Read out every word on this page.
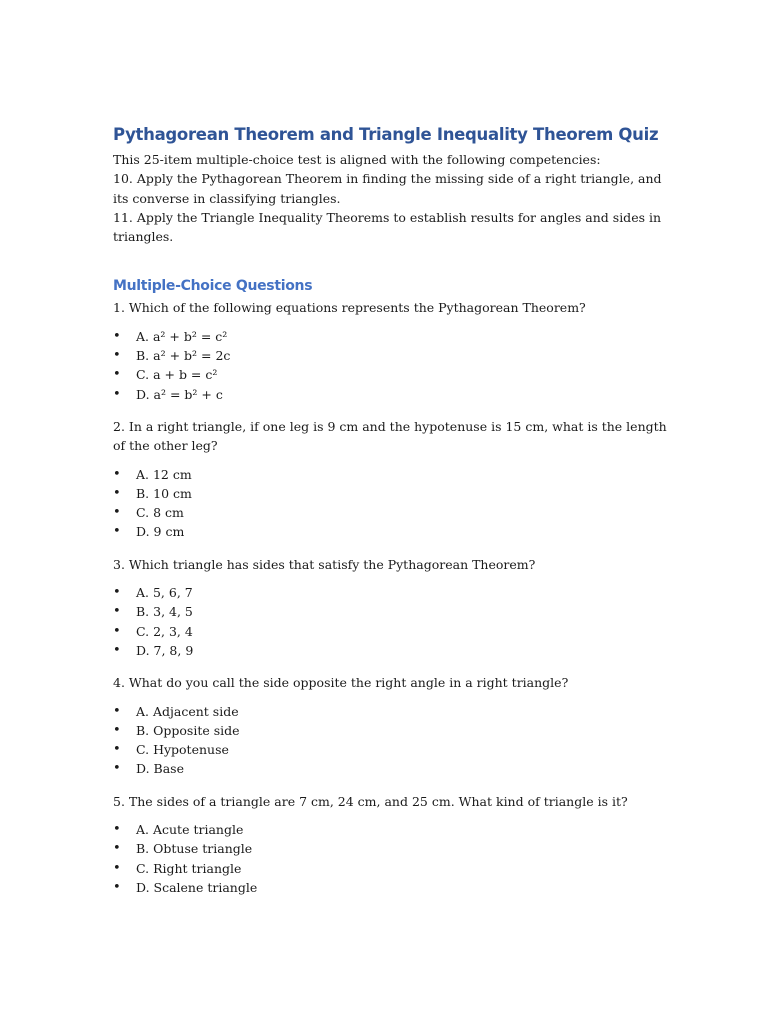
Pythagorean Theorem and Triangle Inequality Theorem Quiz

This 25-item multiple-choice test is aligned with the following competencies:

10. Apply the Pythagorean Theorem in finding the missing side of a right triangle, and its converse in classifying triangles.

11. Apply the Triangle Inequality Theorems to establish results for angles and sides in triangles.

Multiple-Choice Questions

1. Which of the following equations represents the Pythagorean Theorem?

• A. a² + b² = c²
• B. a² + b² = 2c
• C. a + b = c²
• D. a² = b² + c

2. In a right triangle, if one leg is 9 cm and the hypotenuse is 15 cm, what is the length of the other leg?

• A. 12 cm
• B. 10 cm
• C. 8 cm
• D. 9 cm

3. Which triangle has sides that satisfy the Pythagorean Theorem?

• A. 5, 6, 7
• B. 3, 4, 5
• C. 2, 3, 4
• D. 7, 8, 9

4. What do you call the side opposite the right angle in a right triangle?

• A. Adjacent side
• B. Opposite side
• C. Hypotenuse
• D. Base

5. The sides of a triangle are 7 cm, 24 cm, and 25 cm. What kind of triangle is it?

• A. Acute triangle
• B. Obtuse triangle
• C. Right triangle
• D. Scalene triangle
